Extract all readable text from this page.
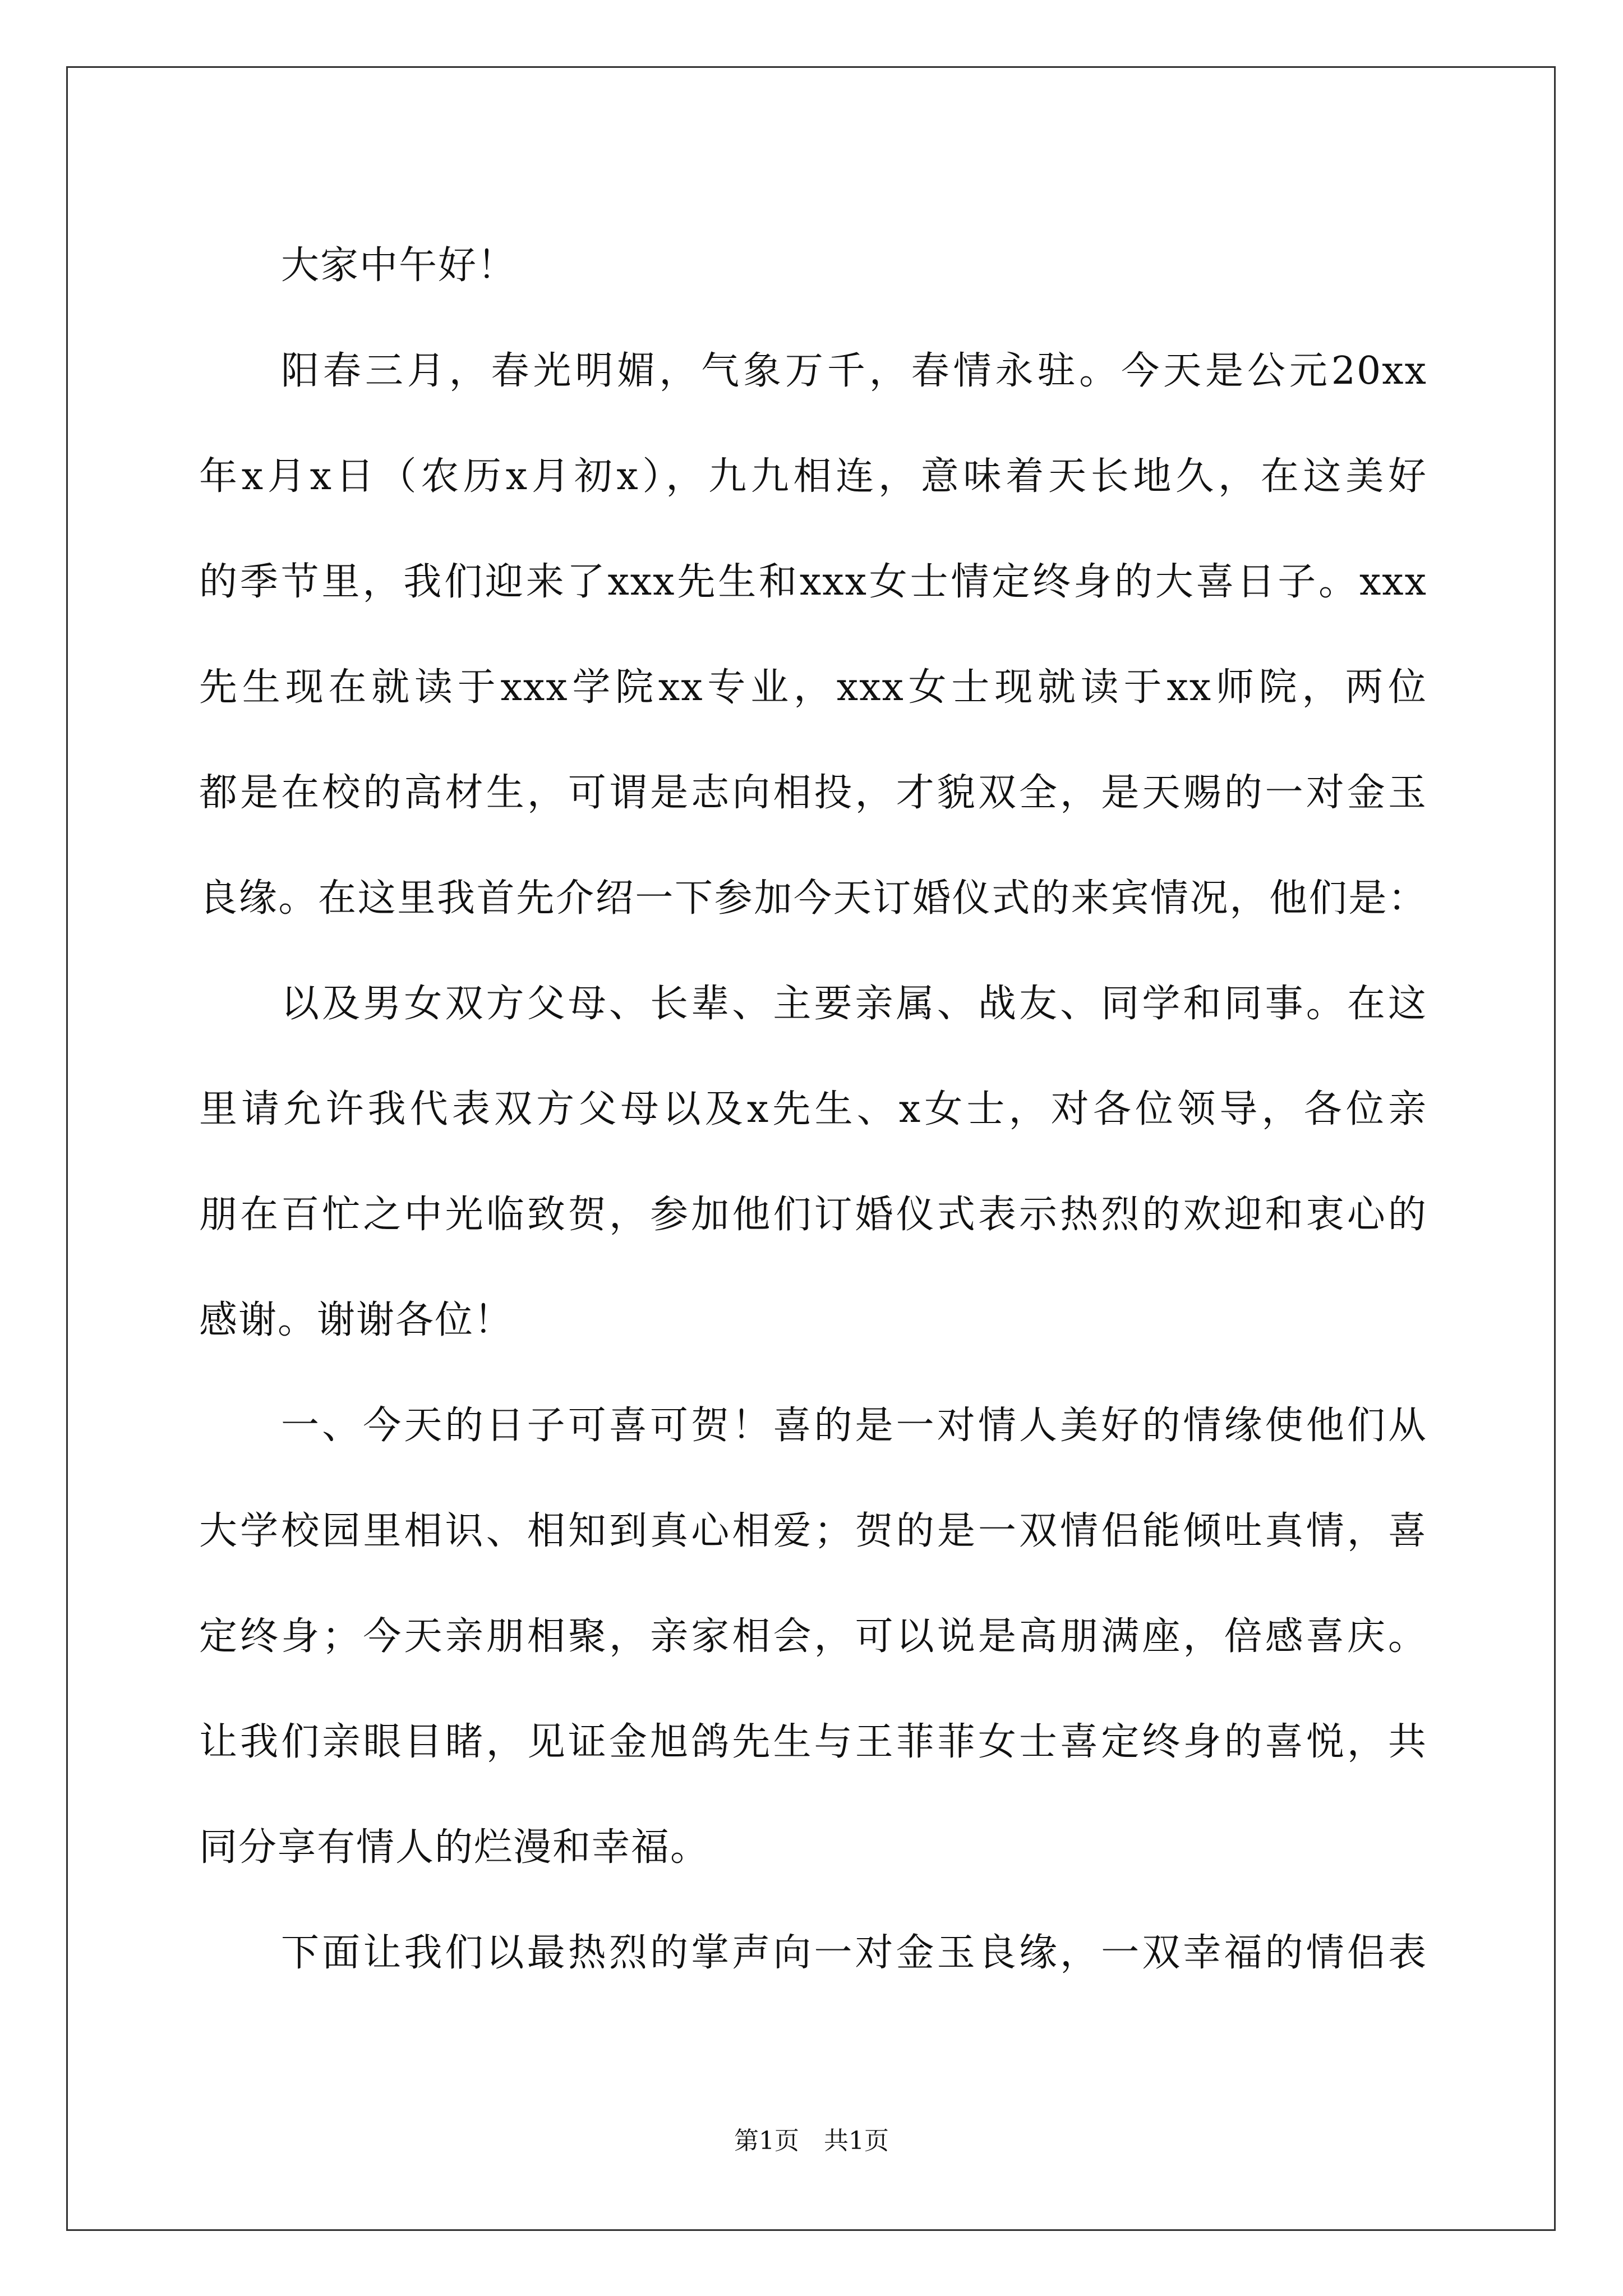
大家中午好！
阳春三月，春光明媚，气象万千，春情永驻。今天是公元20xx
年x月x日（农历x月初x），九九相连，意味着天长地久，在这美好
的季节里，我们迎来了xxx先生和xxx女士情定终身的大喜日子。xxx
先生现在就读于xxx学院xx专业，xxx女士现就读于xx师院，两位
都是在校的高材生，可谓是志向相投，才貌双全，是天赐的一对金玉
良缘。在这里我首先介绍一下参加今天订婚仪式的来宾情况，他们是：
以及男女双方父母、长辈、主要亲属、战友、同学和同事。在这
里请允许我代表双方父母以及x先生、x女士，对各位领导，各位亲
朋在百忙之中光临致贺，参加他们订婚仪式表示热烈的欢迎和衷心的
感谢。谢谢各位！
一、今天的日子可喜可贺！喜的是一对情人美好的情缘使他们从
大学校园里相识、相知到真心相爱；贺的是一双情侣能倾吐真情，喜
定终身；今天亲朋相聚，亲家相会，可以说是高朋满座，倍感喜庆。
让我们亲眼目睹，见证金旭鸽先生与王菲菲女士喜定终身的喜悦，共
同分享有情人的烂漫和幸福。
下面让我们以最热烈的掌声向一对金玉良缘，一双幸福的情侣表
第1页 共1页
